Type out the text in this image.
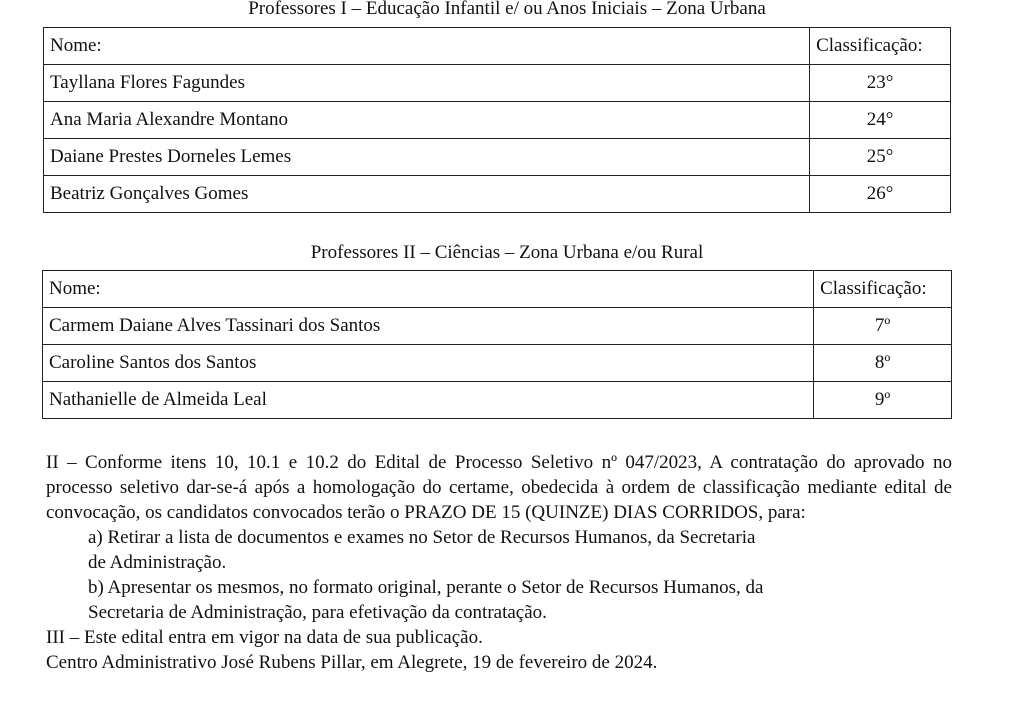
Professores I – Educação Infantil e/ ou Anos Iniciais – Zona Urbana
Nome:	Classificação:
Tayllana Flores Fagundes	23°
Ana Maria Alexandre Montano	24°
Daiane Prestes Dorneles Lemes	25°
Beatriz Gonçalves Gomes	26°
Professores II – Ciências – Zona Urbana e/ou Rural
Nome:	Classificação:
Carmem Daiane Alves Tassinari dos Santos	7º
Caroline Santos dos Santos	8º
Nathanielle de Almeida Leal	9º
II – Conforme itens 10, 10.1 e 10.2 do Edital de Processo Seletivo nº 047/2023, A contratação do aprovado no processo seletivo dar-se-á após a homologação do certame, obedecida à ordem de classificação mediante edital de convocação, os candidatos convocados terão o PRAZO DE 15 (QUINZE) DIAS CORRIDOS, para:
a) Retirar a lista de documentos e exames no Setor de Recursos Humanos, da Secretaria
de Administração.
b) Apresentar os mesmos, no formato original, perante o Setor de Recursos Humanos, da
Secretaria de Administração, para efetivação da contratação.
III – Este edital entra em vigor na data de sua publicação.
Centro Administrativo José Rubens Pillar, em Alegrete, 19 de fevereiro de 2024.
